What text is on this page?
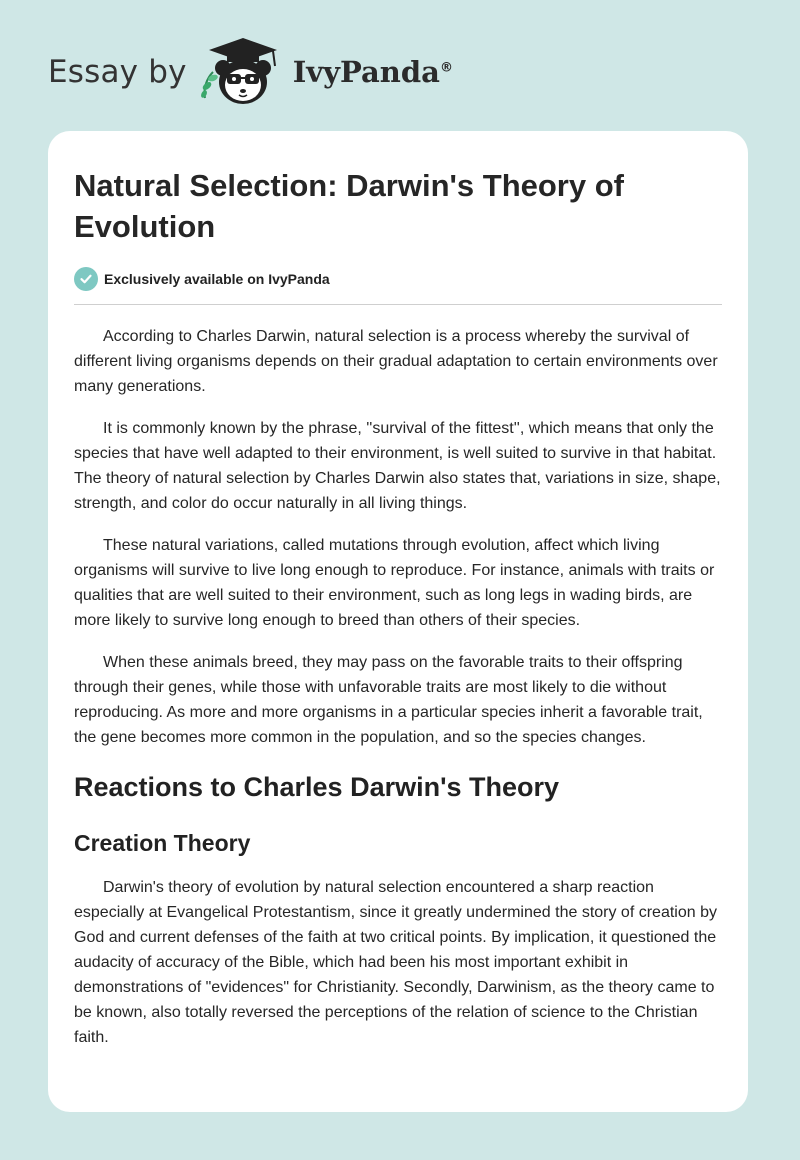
Essay by	IvyPanda®
Natural Selection: Darwin's Theory of Evolution
Exclusively available on IvyPanda

According to Charles Darwin, natural selection is a process whereby the survival of different living organisms depends on their gradual adaptation to certain environments over many generations.

It is commonly known by the phrase, ''survival of the fittest'', which means that only the species that have well adapted to their environment, is well suited to survive in that habitat. The theory of natural selection by Charles Darwin also states that, variations in size, shape, strength, and color do occur naturally in all living things.

These natural variations, called mutations through evolution, affect which living organisms will survive to live long enough to reproduce. For instance, animals with traits or qualities that are well suited to their environment, such as long legs in wading birds, are more likely to survive long enough to breed than others of their species.

When these animals breed, they may pass on the favorable traits to their offspring through their genes, while those with unfavorable traits are most likely to die without reproducing. As more and more organisms in a particular species inherit a favorable trait, the gene becomes more common in the population, and so the species changes.

Reactions to Charles Darwin's Theory
Creation Theory

Darwin's theory of evolution by natural selection encountered a sharp reaction especially at Evangelical Protestantism, since it greatly undermined the story of creation by God and current defenses of the faith at two critical points. By implication, it questioned the audacity of accuracy of the Bible, which had been his most important exhibit in demonstrations of "evidences" for Christianity. Secondly, Darwinism, as the theory came to be known, also totally reversed the perceptions of the relation of science to the Christian faith.
